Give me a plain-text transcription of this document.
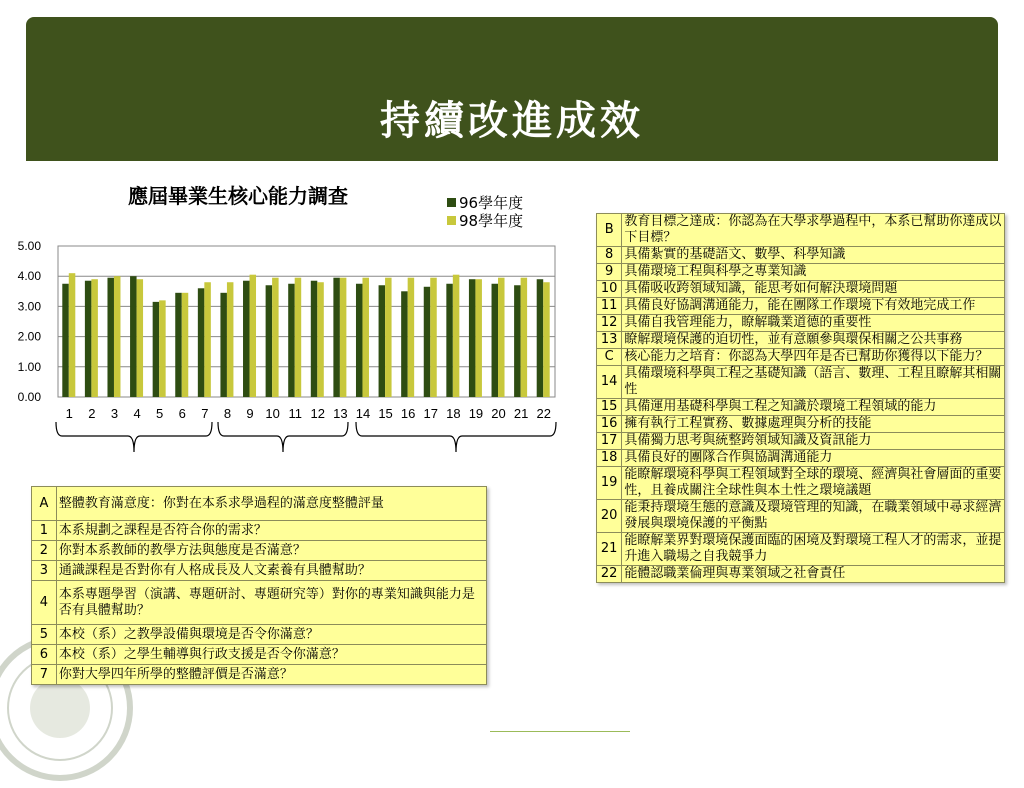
持續改進成效
應屆畢業生核心能力調查	96學年度
98學年度
0.00
1.00
2.00
3.00
4.00
5.00
1 2 3 4 5 6 7 8 9 10 11 12 13 14 15 16 17 18 19 20 21 22
A	整體教育滿意度：你對在本系求學過程的滿意度整體評量
1	本系規劃之課程是否符合你的需求？
2	你對本系教師的教學方法與態度是否滿意？
3	通識課程是否對你有人格成長及人文素養有具體幫助？
4	本系專題學習（演講、專題研討、專題研究等）對你的專業知識與能力是否有具體幫助？
5	本校（系）之教學設備與環境是否令你滿意？
6	本校（系）之學生輔導與行政支援是否令你滿意？
7	你對大學四年所學的整體評價是否滿意？
B	教育目標之達成：你認為在大學求學過程中，本系已幫助你達成以下目標？
8	具備紮實的基礎語文、數學、科學知識
9	具備環境工程與科學之專業知識
10	具備吸收跨領域知識，能思考如何解決環境問題
11	具備良好協調溝通能力，能在團隊工作環境下有效地完成工作
12	具備自我管理能力，瞭解職業道德的重要性
13	瞭解環境保護的迫切性，並有意願參與環保相關之公共事務
C	核心能力之培育：你認為大學四年是否已幫助你獲得以下能力？
14	具備環境科學與工程之基礎知識（語言、數理、工程且瞭解其相關性
15	具備運用基礎科學與工程之知識於環境工程領域的能力
16	擁有執行工程實務、數據處理與分析的技能
17	具備獨力思考與統整跨領域知識及資訊能力
18	具備良好的團隊合作與協調溝通能力
19	能瞭解環境科學與工程領域對全球的環境、經濟與社會層面的重要性，且養成關注全球性與本土性之環境議題
20	能秉持環境生態的意識及環境管理的知識，在職業領域中尋求經濟發展與環境保護的平衡點
21	能瞭解業界對環境保護面臨的困境及對環境工程人才的需求，並提升進入職場之自我競爭力
22	能體認職業倫理與專業領域之社會責任
